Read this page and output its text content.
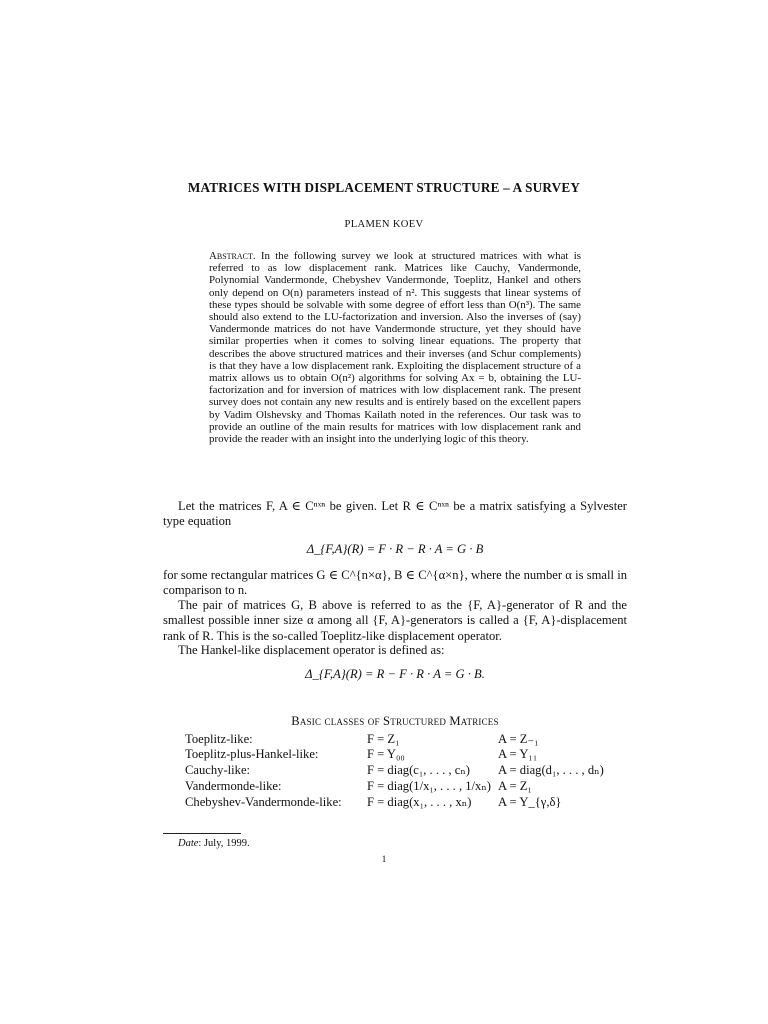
MATRICES WITH DISPLACEMENT STRUCTURE – A SURVEY
PLAMEN KOEV
Abstract. In the following survey we look at structured matrices with what is referred to as low displacement rank. Matrices like Cauchy, Vandermonde, Polynomial Vandermonde, Chebyshev Vandermonde, Toeplitz, Hankel and others only depend on O(n) parameters instead of n². This suggests that linear systems of these types should be solvable with some degree of effort less than O(n³). The same should also extend to the LU-factorization and inversion. Also the inverses of (say) Vandermonde matrices do not have Vandermonde structure, yet they should have similar properties when it comes to solving linear equations. The property that describes the above structured matrices and their inverses (and Schur complements) is that they have a low displacement rank. Exploiting the displacement structure of a matrix allows us to obtain O(n²) algorithms for solving Ax = b, obtaining the LU-factorization and for inversion of matrices with low displacement rank. The present survey does not contain any new results and is entirely based on the excellent papers by Vadim Olshevsky and Thomas Kailath noted in the references. Our task was to provide an outline of the main results for matrices with low displacement rank and provide the reader with an insight into the underlying logic of this theory.
Let the matrices F, A ∈ Cⁿˣⁿ be given. Let R ∈ Cⁿˣⁿ be a matrix satisfying a Sylvester type equation
Δ_{F,A}(R) = F · R − R · A = G · B
for some rectangular matrices G ∈ C^{n×α}, B ∈ C^{α×n}, where the number α is small in comparison to n.
The pair of matrices G, B above is referred to as the {F, A}-generator of R and the smallest possible inner size α among all {F, A}-generators is called a {F, A}-displacement rank of R. This is the so-called Toeplitz-like displacement operator.
The Hankel-like displacement operator is defined as:
Δ_{F,A}(R) = R − F · R · A = G · B.
Basic classes of Structured Matrices
Toeplitz-like:	F = Z₁	A = Z₋₁
Toeplitz-plus-Hankel-like:	F = Y₀₀	A = Y₁₁
Cauchy-like:	F = diag(c₁, . . . , cₙ)	A = diag(d₁, . . . , dₙ)
Vandermonde-like:	F = diag(1/x₁, . . . , 1/xₙ)	A = Z₁
Chebyshev-Vandermonde-like:	F = diag(x₁, . . . , xₙ)	A = Y_{γ,δ}
Date: July, 1999.
1
